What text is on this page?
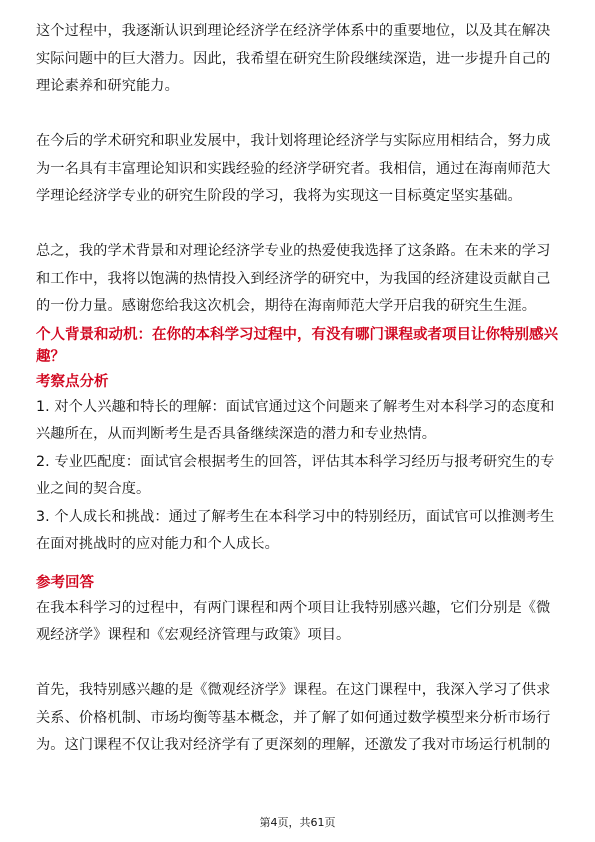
这个过程中，我逐渐认识到理论经济学在经济学体系中的重要地位，以及其在解决实际问题中的巨大潜力。因此，我希望在研究生阶段继续深造，进一步提升自己的理论素养和研究能力。

在今后的学术研究和职业发展中，我计划将理论经济学与实际应用相结合，努力成为一名具有丰富理论知识和实践经验的经济学研究者。我相信，通过在海南师范大学理论经济学专业的研究生阶段的学习，我将为实现这一目标奠定坚实基础。

总之，我的学术背景和对理论经济学专业的热爱使我选择了这条路。在未来的学习和工作中，我将以饱满的热情投入到经济学的研究中，为我国的经济建设贡献自己的一份力量。感谢您给我这次机会，期待在海南师范大学开启我的研究生生涯。

个人背景和动机：在你的本科学习过程中，有没有哪门课程或者项目让你特别感兴趣？
考察点分析

1. 对个人兴趣和特长的理解：面试官通过这个问题来了解考生对本科学习的态度和兴趣所在，从而判断考生是否具备继续深造的潜力和专业热情。

2. 专业匹配度：面试官会根据考生的回答，评估其本科学习经历与报考研究生的专业之间的契合度。

3. 个人成长和挑战：通过了解考生在本科学习中的特别经历，面试官可以推测考生在面对挑战时的应对能力和个人成长。

参考回答

在我本科学习的过程中，有两门课程和两个项目让我特别感兴趣，它们分别是《微观经济学》课程和《宏观经济管理与政策》项目。

首先，我特别感兴趣的是《微观经济学》课程。在这门课程中，我深入学习了供求关系、价格机制、市场均衡等基本概念，并了解了如何通过数学模型来分析市场行为。这门课程不仅让我对经济学有了更深刻的理解，还激发了我对市场运行机制的

第4页，共61页
